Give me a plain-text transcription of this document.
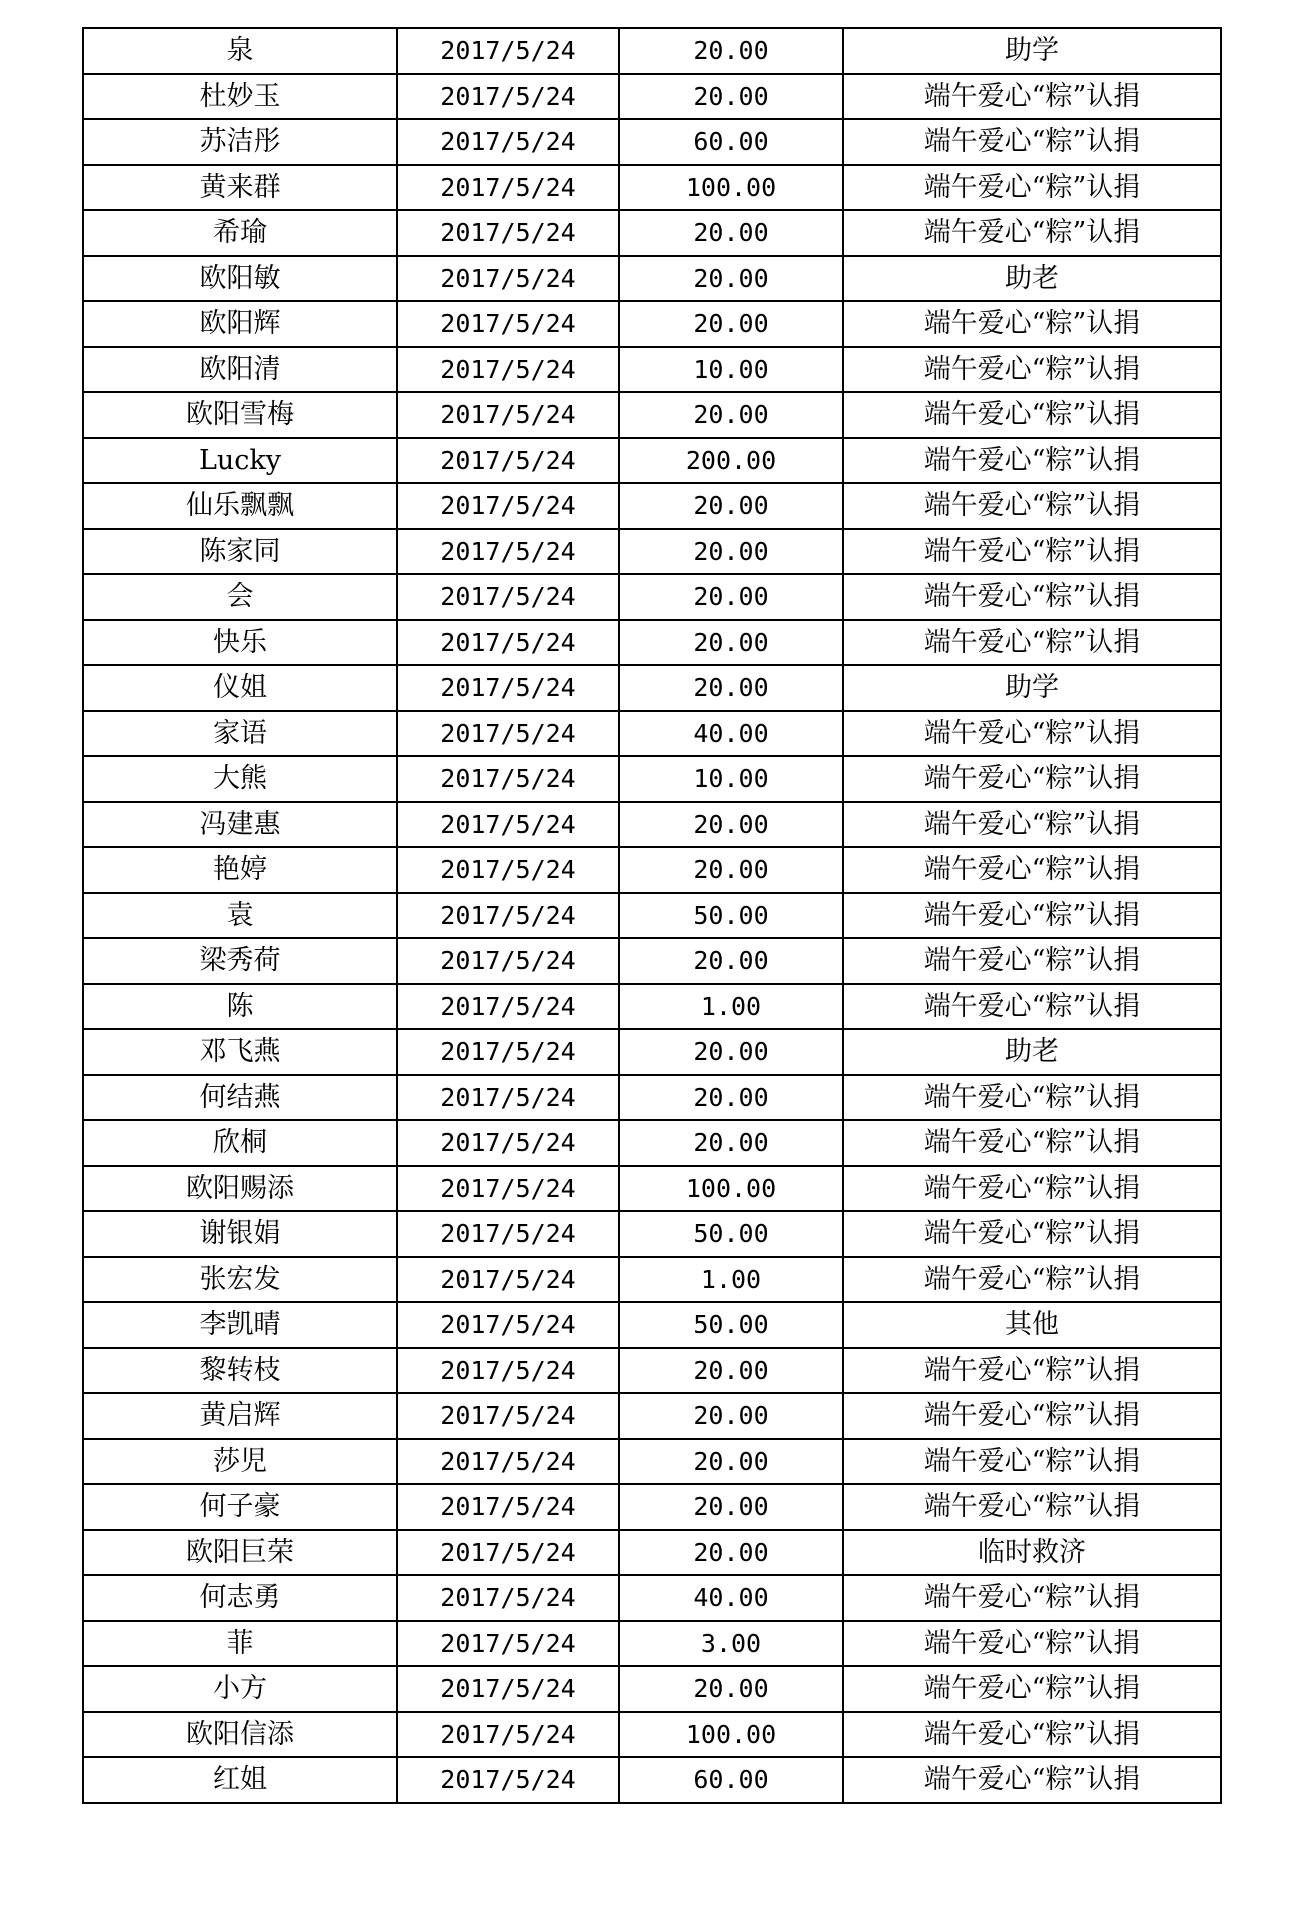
泉	2017/5/24	20.00	助学
杜妙玉	2017/5/24	20.00	端午爱心“粽”认捐
苏洁彤	2017/5/24	60.00	端午爱心“粽”认捐
黄来群	2017/5/24	100.00	端午爱心“粽”认捐
希瑜	2017/5/24	20.00	端午爱心“粽”认捐
欧阳敏	2017/5/24	20.00	助老
欧阳辉	2017/5/24	20.00	端午爱心“粽”认捐
欧阳清	2017/5/24	10.00	端午爱心“粽”认捐
欧阳雪梅	2017/5/24	20.00	端午爱心“粽”认捐
Lucky	2017/5/24	200.00	端午爱心“粽”认捐
仙乐飘飘	2017/5/24	20.00	端午爱心“粽”认捐
陈家同	2017/5/24	20.00	端午爱心“粽”认捐
会	2017/5/24	20.00	端午爱心“粽”认捐
快乐	2017/5/24	20.00	端午爱心“粽”认捐
仪姐	2017/5/24	20.00	助学
家语	2017/5/24	40.00	端午爱心“粽”认捐
大熊	2017/5/24	10.00	端午爱心“粽”认捐
冯建惠	2017/5/24	20.00	端午爱心“粽”认捐
艳婷	2017/5/24	20.00	端午爱心“粽”认捐
袁	2017/5/24	50.00	端午爱心“粽”认捐
梁秀荷	2017/5/24	20.00	端午爱心“粽”认捐
陈	2017/5/24	1.00	端午爱心“粽”认捐
邓飞燕	2017/5/24	20.00	助老
何结燕	2017/5/24	20.00	端午爱心“粽”认捐
欣桐	2017/5/24	20.00	端午爱心“粽”认捐
欧阳赐添	2017/5/24	100.00	端午爱心“粽”认捐
谢银娟	2017/5/24	50.00	端午爱心“粽”认捐
张宏发	2017/5/24	1.00	端午爱心“粽”认捐
李凯晴	2017/5/24	50.00	其他
黎转枝	2017/5/24	20.00	端午爱心“粽”认捐
黄启辉	2017/5/24	20.00	端午爱心“粽”认捐
莎児	2017/5/24	20.00	端午爱心“粽”认捐
何子豪	2017/5/24	20.00	端午爱心“粽”认捐
欧阳巨荣	2017/5/24	20.00	临时救济
何志勇	2017/5/24	40.00	端午爱心“粽”认捐
菲	2017/5/24	3.00	端午爱心“粽”认捐
小方	2017/5/24	20.00	端午爱心“粽”认捐
欧阳信添	2017/5/24	100.00	端午爱心“粽”认捐
红姐	2017/5/24	60.00	端午爱心“粽”认捐
